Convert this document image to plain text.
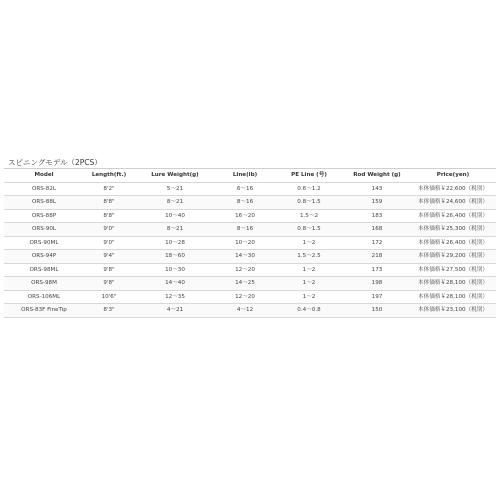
スピニングモデル（2PCS）
Model	Length(ft.)	Lure Weight(g)	Line(lb)	PE Line (号)	Rod Weight (g)	Price(yen)
ORS-82L	8'2"	5〜21	6〜16	0.6〜1.2	143	本体価格￥22,600（税別）
ORS-88L	8'8"	8〜21	8〜16	0.8〜1.5	159	本体価格￥24,600（税別）
ORS-88P	8'8"	10〜40	16〜20	1.5〜2	183	本体価格￥26,400（税別）
ORS-90L	9'0"	8〜21	8〜16	0.8〜1.5	168	本体価格￥25,300（税別）
ORS-90ML	9'0"	10〜28	10〜20	1〜2	172	本体価格￥26,400（税別）
ORS-94P	9'4"	18〜60	14〜30	1.5〜2.5	218	本体価格￥29,200（税別）
ORS-98ML	9'8"	10〜30	12〜20	1〜2	173	本体価格￥27,500（税別）
ORS-98M	9'8"	14〜40	14〜25	1〜2	198	本体価格￥28,100（税別）
ORS-106ML	10'6"	12〜35	12〜20	1〜2	197	本体価格￥28,100（税別）
ORS-83F FineTip	8'3"	4〜21	4〜12	0.4〜0.8	150	本体価格￥23,100（税別）
